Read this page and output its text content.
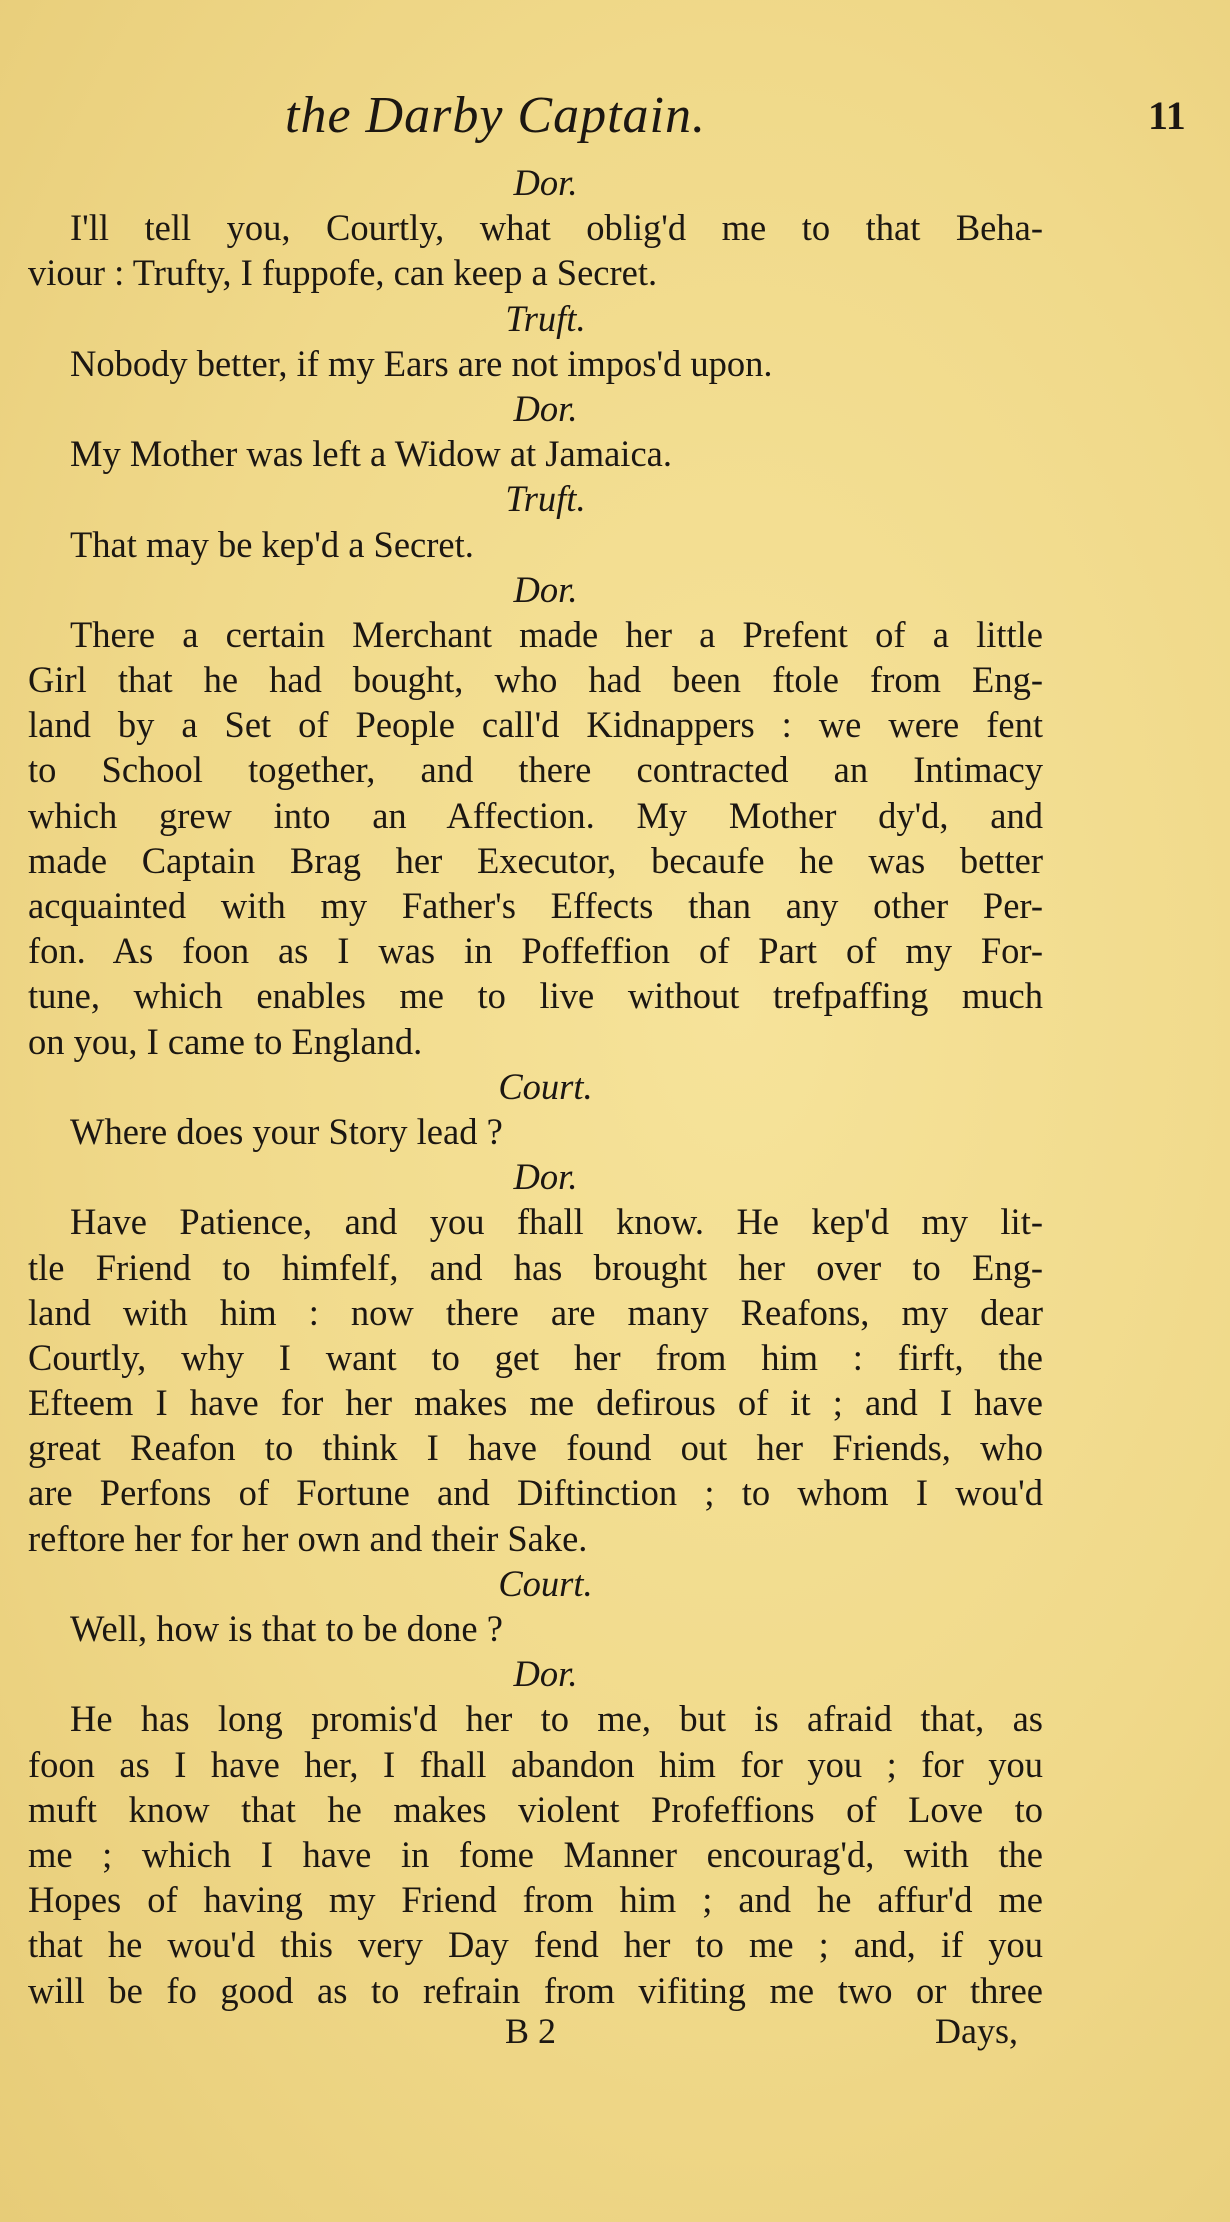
the Darby Captain.	11
Dor.
I'll tell you, Courtly, what oblig'd me to that Beha-
viour : Trufty, I fuppofe, can keep a Secret.
Truft.
Nobody better, if my Ears are not impos'd upon.
Dor.
My Mother was left a Widow at Jamaica.
Truft.
That may be kep'd a Secret.
Dor.
There a certain Merchant made her a Prefent of a little
Girl that he had bought, who had been ftole from Eng-
land by a Set of People call'd Kidnappers : we were fent
to School together, and there contracted an Intimacy
which grew into an Affection. My Mother dy'd, and
made Captain Brag her Executor, becaufe he was better
acquainted with my Father's Effects than any other Per-
fon. As foon as I was in Poffeffion of Part of my For-
tune, which enables me to live without trefpaffing much
on you, I came to England.
Court.
Where does your Story lead ?
Dor.
Have Patience, and you fhall know. He kep'd my lit-
tle Friend to himfelf, and has brought her over to Eng-
land with him : now there are many Reafons, my dear
Courtly, why I want to get her from him : firft, the
Efteem I have for her makes me defirous of it ; and I have
great Reafon to think I have found out her Friends, who
are Perfons of Fortune and Diftinction ; to whom I wou'd
reftore her for her own and their Sake.
Court.
Well, how is that to be done ?
Dor.
He has long promis'd her to me, but is afraid that, as
foon as I have her, I fhall abandon him for you ; for you
muft know that he makes violent Profeffions of Love to
me ; which I have in fome Manner encourag'd, with the
Hopes of having my Friend from him ; and he affur'd me
that he wou'd this very Day fend her to me ; and, if you
will be fo good as to refrain from vifiting me two or three
B 2	Days,
